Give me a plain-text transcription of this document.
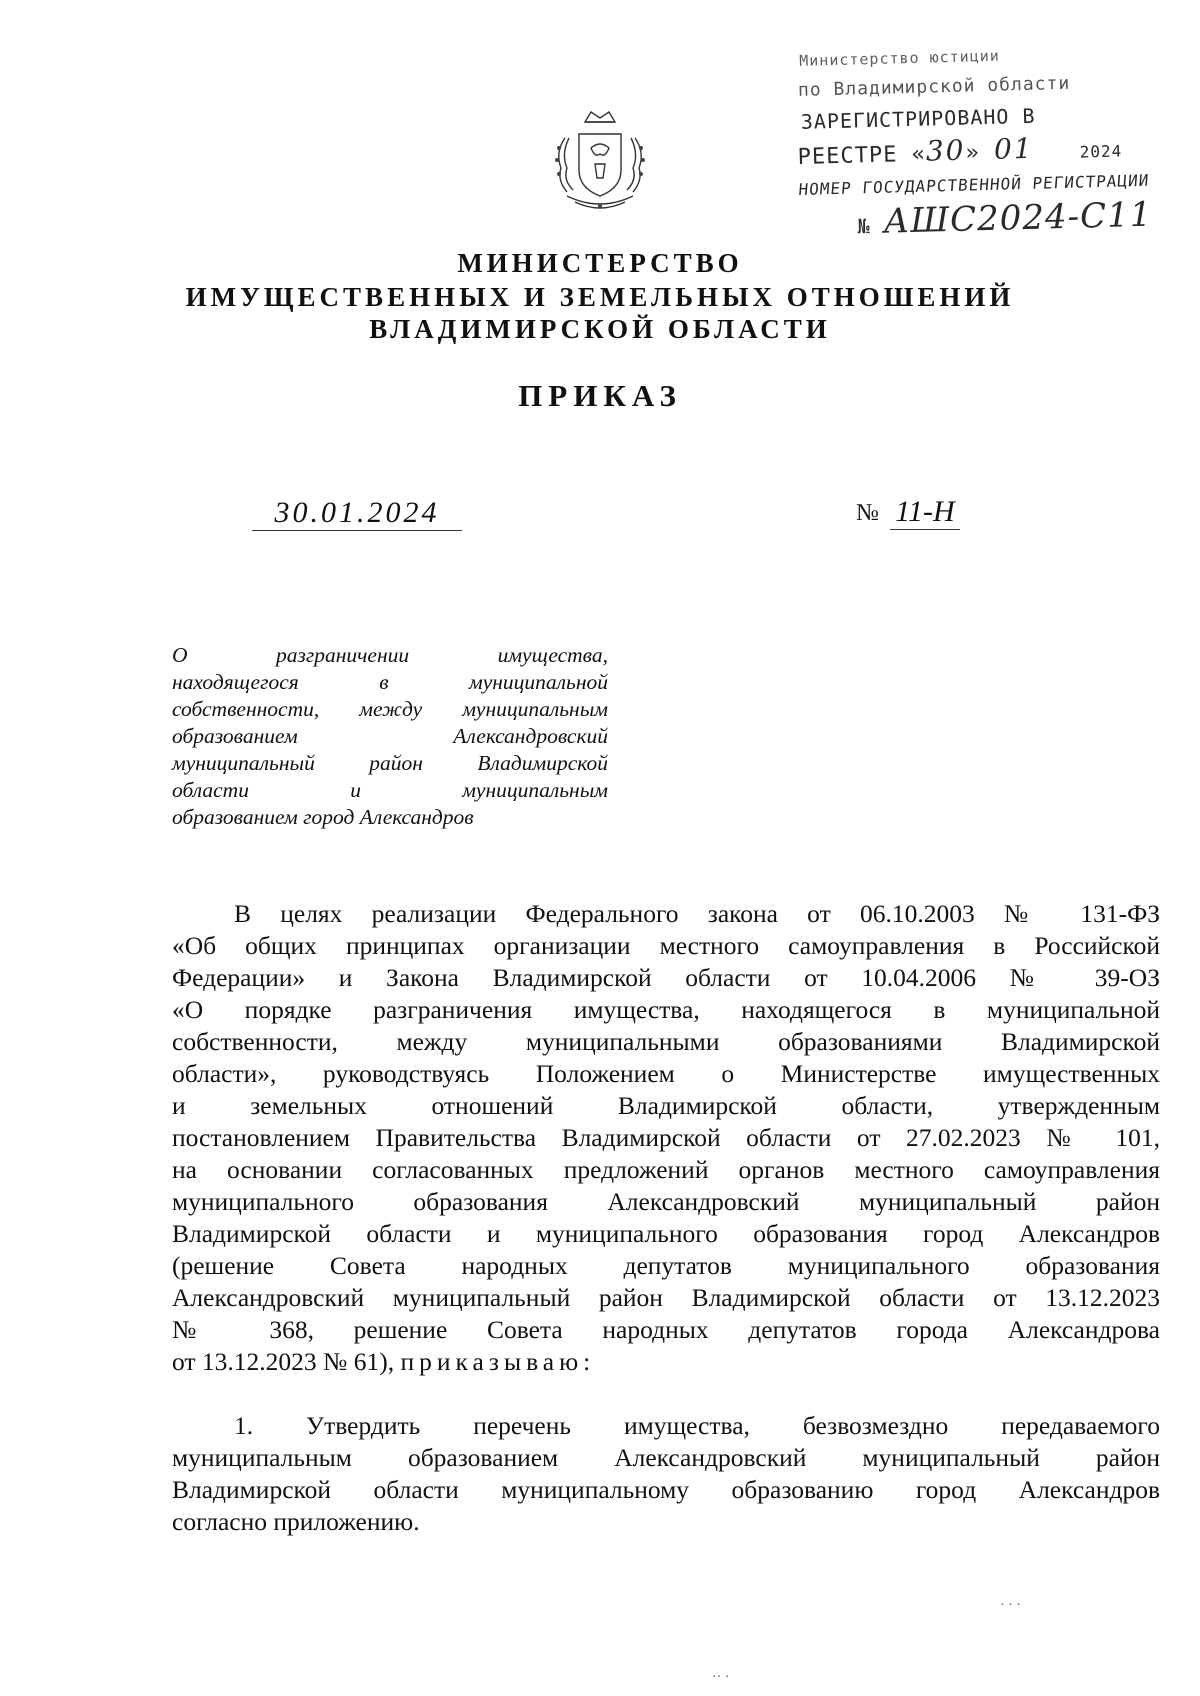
Министерство юстиции
по Владимирской области
ЗАРЕГИСТРИРОВАНО В
РЕЕСТРЕ «30» 01	2024
НОМЕР ГОСУДАРСТВЕННОЙ РЕГИСТРАЦИИ
№ АШС2024-С11
МИНИСТЕРСТВО
ИМУЩЕСТВЕННЫХ И ЗЕМЕЛЬНЫХ ОТНОШЕНИЙ
ВЛАДИМИРСКОЙ ОБЛАСТИ
ПРИКАЗ
30.01.2024	№ 11-Н
О разграничении имущества,
находящегося в муниципальной
собственности, между муниципальным
образованием Александровский
муниципальный район Владимирской
области и муниципальным
образованием город Александров
В целях реализации Федерального закона от 06.10.2003 № 131-ФЗ
«Об общих принципах организации местного самоуправления в Российской
Федерации» и Закона Владимирской области от 10.04.2006 № 39-ОЗ
«О порядке разграничения имущества, находящегося в муниципальной
собственности, между муниципальными образованиями Владимирской
области», руководствуясь Положением о Министерстве имущественных
и земельных отношений Владимирской области, утвержденным
постановлением Правительства Владимирской области от 27.02.2023 № 101,
на основании согласованных предложений органов местного самоуправления
муниципального образования Александровский муниципальный район
Владимирской области и муниципального образования город Александров
(решение Совета народных депутатов муниципального образования
Александровский муниципальный район Владимирской области от 13.12.2023
№ 368, решение Совета народных депутатов города Александрова
от 13.12.2023 № 61), приказываю:
1. Утвердить перечень имущества, безвозмездно передаваемого
муниципальным образованием Александровский муниципальный район
Владимирской области муниципальному образованию город Александров
согласно приложению.
· · ·
·· ·
